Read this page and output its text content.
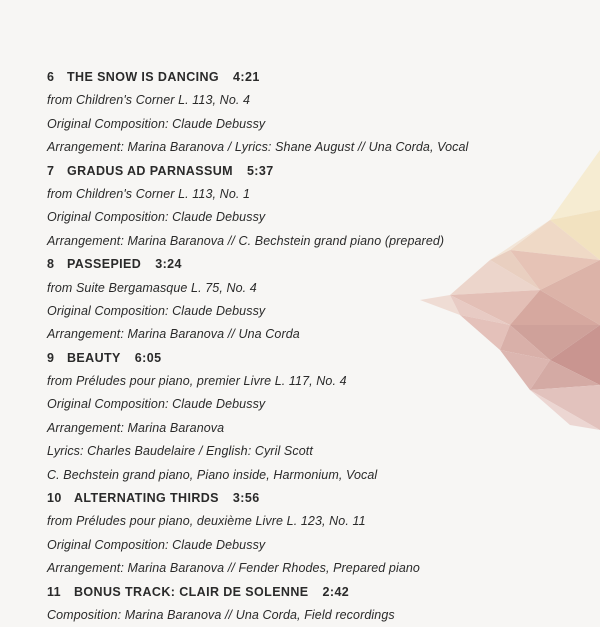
6 THE SNOW IS DANCING 4:21
from Children's Corner L. 113, No. 4
Original Composition: Claude Debussy
Arrangement: Marina Baranova / Lyrics: Shane August // Una Corda, Vocal
7 GRADUS AD PARNASSUM 5:37
from Children's Corner L. 113, No. 1
Original Composition: Claude Debussy
Arrangement: Marina Baranova // C. Bechstein grand piano (prepared)
8 PASSEPIED 3:24
from Suite Bergamasque L. 75, No. 4
Original Composition: Claude Debussy
Arrangement: Marina Baranova // Una Corda
9 BEAUTY 6:05
from Préludes pour piano, premier Livre L. 117, No. 4
Original Composition: Claude Debussy
Arrangement: Marina Baranova
Lyrics: Charles Baudelaire / English: Cyril Scott
C. Bechstein grand piano, Piano inside, Harmonium, Vocal
10 ALTERNATING THIRDS 3:56
from Préludes pour piano, deuxième Livre L. 123, No. 11
Original Composition: Claude Debussy
Arrangement: Marina Baranova // Fender Rhodes, Prepared piano
11 BONUS TRACK: CLAIR DE SOLENNE 2:42
Composition: Marina Baranova // Una Corda, Field recordings
